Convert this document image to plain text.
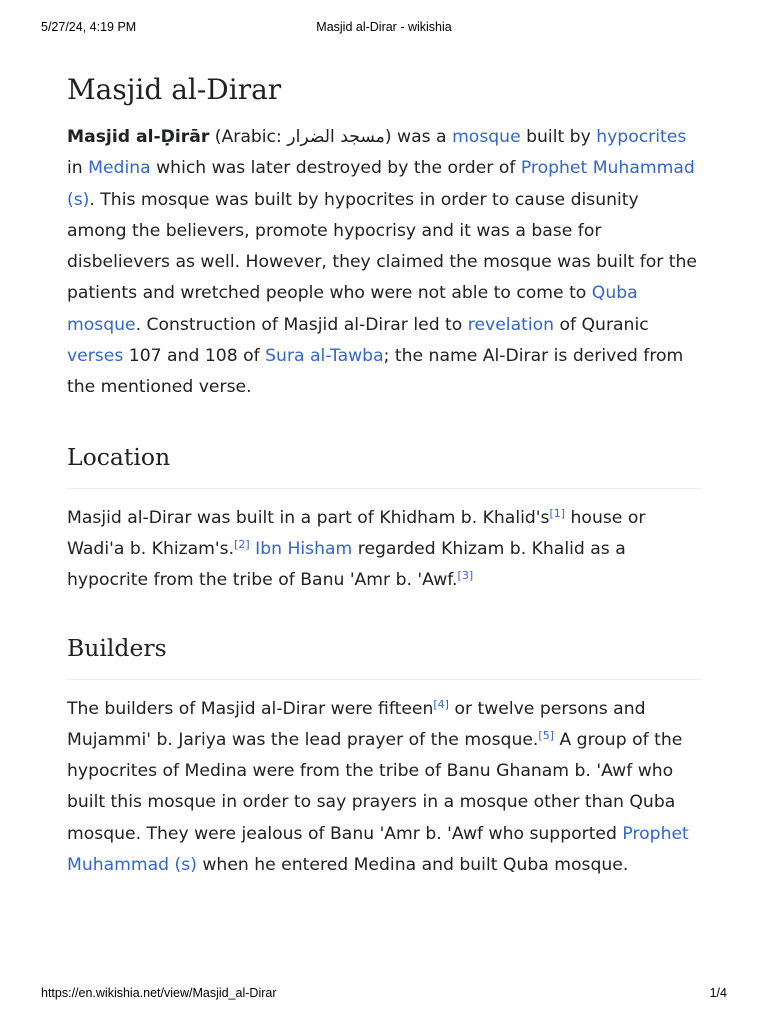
5/27/24, 4:19 PM	Masjid al-Dirar - wikishia
Masjid al-Dirar

Masjid al-Ḍirār (Arabic: مسجد الضرار) was a mosque built by hypocrites in Medina which was later destroyed by the order of Prophet Muhammad (s). This mosque was built by hypocrites in order to cause disunity among the believers, promote hypocrisy and it was a base for disbelievers as well. However, they claimed the mosque was built for the patients and wretched people who were not able to come to Quba mosque. Construction of Masjid al-Dirar led to revelation of Quranic verses 107 and 108 of Sura al-Tawba; the name Al-Dirar is derived from the mentioned verse.

Location

Masjid al-Dirar was built in a part of Khidham b. Khalid's[1] house or Wadi'a b. Khizam's.[2] Ibn Hisham regarded Khizam b. Khalid as a hypocrite from the tribe of Banu 'Amr b. 'Awf.[3]

Builders

The builders of Masjid al-Dirar were fifteen[4] or twelve persons and Mujammi' b. Jariya was the lead prayer of the mosque.[5] A group of the hypocrites of Medina were from the tribe of Banu Ghanam b. 'Awf who built this mosque in order to say prayers in a mosque other than Quba mosque. They were jealous of Banu 'Amr b. 'Awf who supported Prophet Muhammad (s) when he entered Medina and built Quba mosque.

https://en.wikishia.net/view/Masjid_al-Dirar	1/4
